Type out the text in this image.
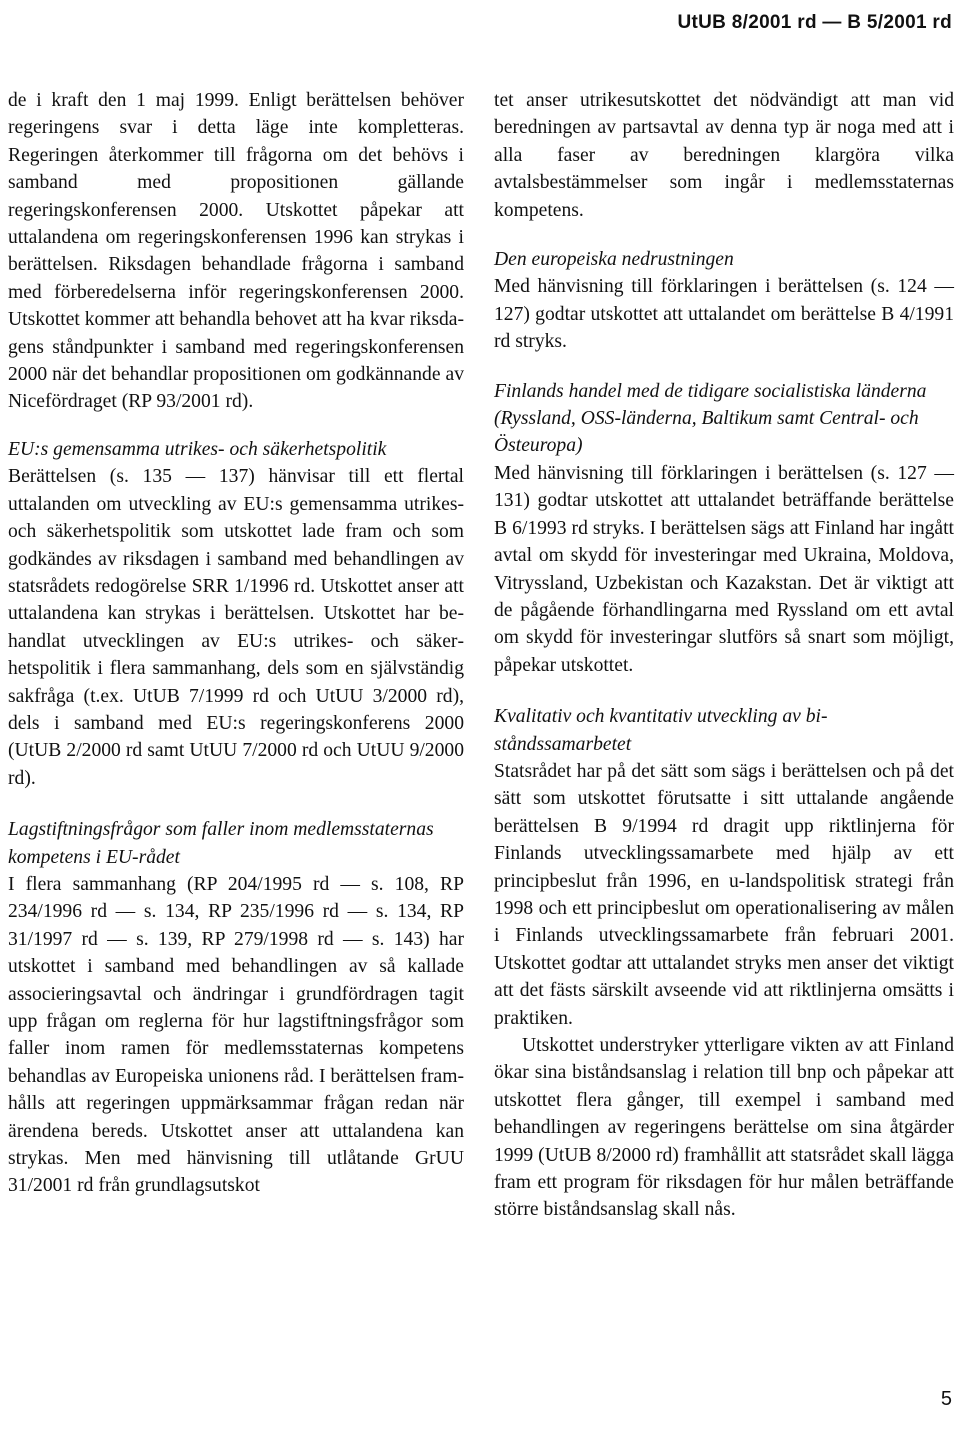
UtUB 8/2001 rd — B 5/2001 rd

de i kraft den 1 maj 1999. Enligt berättelsen behöver regeringens svar i detta läge inte kompletteras. Regeringen återkommer till frågorna om det behövs i samband med propositionen gällande regeringskonferensen 2000. Utskottet påpekar att uttalandena om regeringskonferensen 1996 kan strykas i berättelsen. Riksdagen behandlade frågorna i samband med förberedelserna inför regeringskonferensen 2000. Utskottet kommer att behandla behovet att ha kvar riksdagens ståndpunkter i samband med regeringskonferensen 2000 när det behandlar propositionen om godkännande av Nicefördraget (RP 93/2001 rd).

EU:s gemensamma utrikes- och säkerhetspolitik

Berättelsen (s. 135 — 137) hänvisar till ett flertal uttalanden om utveckling av EU:s gemensamma utrikes- och säkerhetspolitik som utskottet lade fram och som godkändes av riksdagen i samband med behandlingen av statsrådets redogörelse SRR 1/1996 rd. Utskottet anser att uttalandena kan strykas i berättelsen. Utskottet har behandlat utvecklingen av EU:s utrikes- och säkerhetspolitik i flera sammanhang, dels som en självständig sakfråga (t.ex. UtUB 7/1999 rd och UtUU 3/2000 rd), dels i samband med EU:s regeringskonferens 2000 (UtUB 2/2000 rd samt UtUU 7/2000 rd och UtUU 9/2000 rd).

Lagstiftningsfrågor som faller inom medlemsstaternas kompetens i EU-rådet

I flera sammanhang (RP 204/1995 rd — s. 108, RP 234/1996 rd — s. 134, RP 235/1996 rd — s. 134, RP 31/1997 rd — s. 139, RP 279/1998 rd — s. 143) har utskottet i samband med behandlingen av så kallade associeringsavtal och ändringar i grundfördragen tagit upp frågan om reglerna för hur lagstiftningsfrågor som faller inom ramen för medlemsstaternas kompetens behandlas av Europeiska unionens råd. I berättelsen framhålls att regeringen uppmärksammar frågan redan när ärendena bereds. Utskottet anser att uttalandena kan strykas. Men med hänvisning till utlåtande GrUU 31/2001 rd från grundlagsutskot

tet anser utrikesutskottet det nödvändigt att man vid beredningen av partsavtal av denna typ är noga med att i alla faser av beredningen klargöra vilka avtalsbestämmelser som ingår i medlemsstaternas kompetens.

Den europeiska nedrustningen

Med hänvisning till förklaringen i berättelsen (s. 124 — 127) godtar utskottet att uttalandet om berättelse B 4/1991 rd stryks.

Finlands handel med de tidigare socialistiska länderna (Ryssland, OSS-länderna, Baltikum samt Central- och Östeuropa)

Med hänvisning till förklaringen i berättelsen (s. 127 — 131) godtar utskottet att uttalandet beträffande berättelse B 6/1993 rd stryks. I berättelsen sägs att Finland har ingått avtal om skydd för investeringar med Ukraina, Moldova, Vitryssland, Uzbekistan och Kazakstan. Det är viktigt att de pågående förhandlingarna med Ryssland om ett avtal om skydd för investeringar slutförs så snart som möjligt, påpekar utskottet.

Kvalitativ och kvantitativ utveckling av biståndssamarbetet

Statsrådet har på det sätt som sägs i berättelsen och på det sätt som utskottet förutsatte i sitt uttalande angående berättelsen B 9/1994 rd dragit upp riktlinjerna för Finlands utvecklingssamarbete med hjälp av ett principbeslut från 1996, en u-landspolitisk strategi från 1998 och ett principbeslut om operationalisering av målen i Finlands utvecklingssamarbete från februari 2001. Utskottet godtar att uttalandet stryks men anser det viktigt att det fästs särskilt avseende vid att riktlinjerna omsätts i praktiken.

Utskottet understryker ytterligare vikten av att Finland ökar sina biståndsanslag i relation till bnp och påpekar att utskottet flera gånger, till exempel i samband med behandlingen av regeringens berättelse om sina åtgärder 1999 (UtUB 8/2000 rd) framhållit att statsrådet skall lägga fram ett program för riksdagen för hur målen beträffande större biståndsanslag skall nås.

5
